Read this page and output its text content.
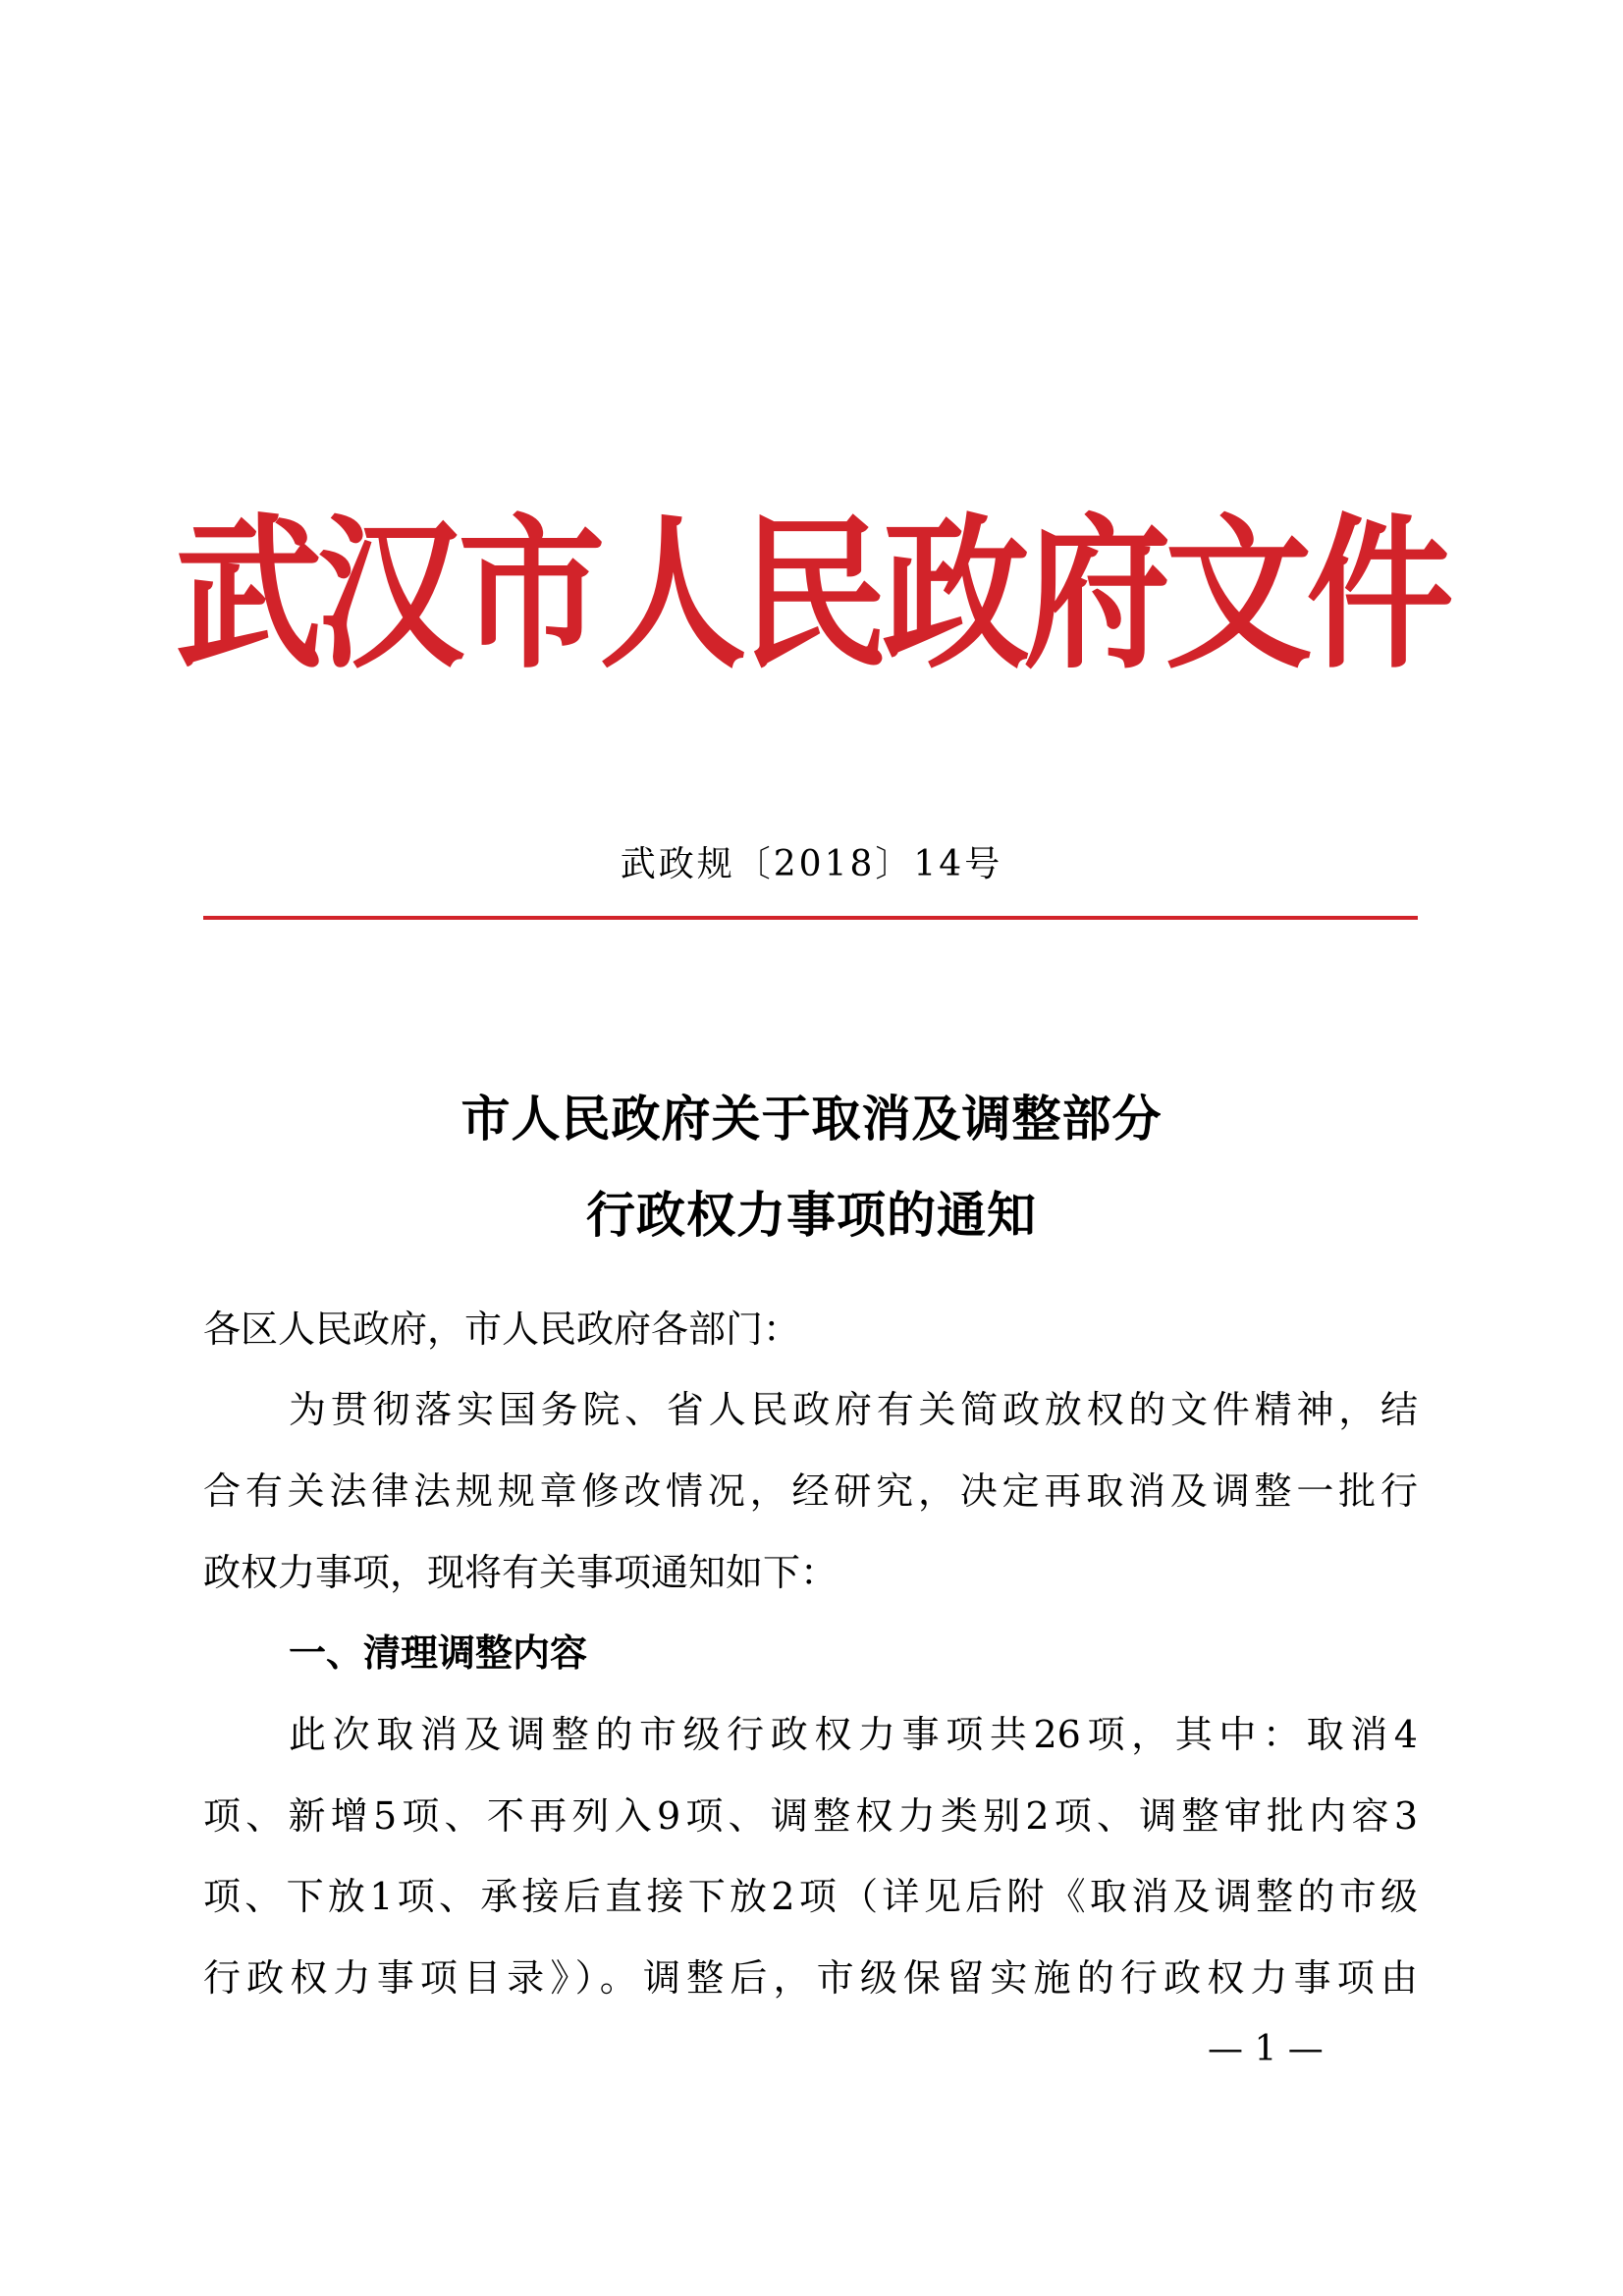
武汉市人民政府文件
武政规〔2018〕14号
市人民政府关于取消及调整部分
行政权力事项的通知
各区人民政府，市人民政府各部门：
为贯彻落实国务院、省人民政府有关简政放权的文件精神，结
合有关法律法规规章修改情况，经研究，决定再取消及调整一批行
政权力事项，现将有关事项通知如下：
一、清理调整内容
此次取消及调整的市级行政权力事项共26项，其中：取消4
项、新增5项、不再列入9项、调整权力类别2项、调整审批内容3
项、下放1项、承接后直接下放2项（详见后附《取消及调整的市级
行政权力事项目录》）。调整后，市级保留实施的行政权力事项由
— 1 —
